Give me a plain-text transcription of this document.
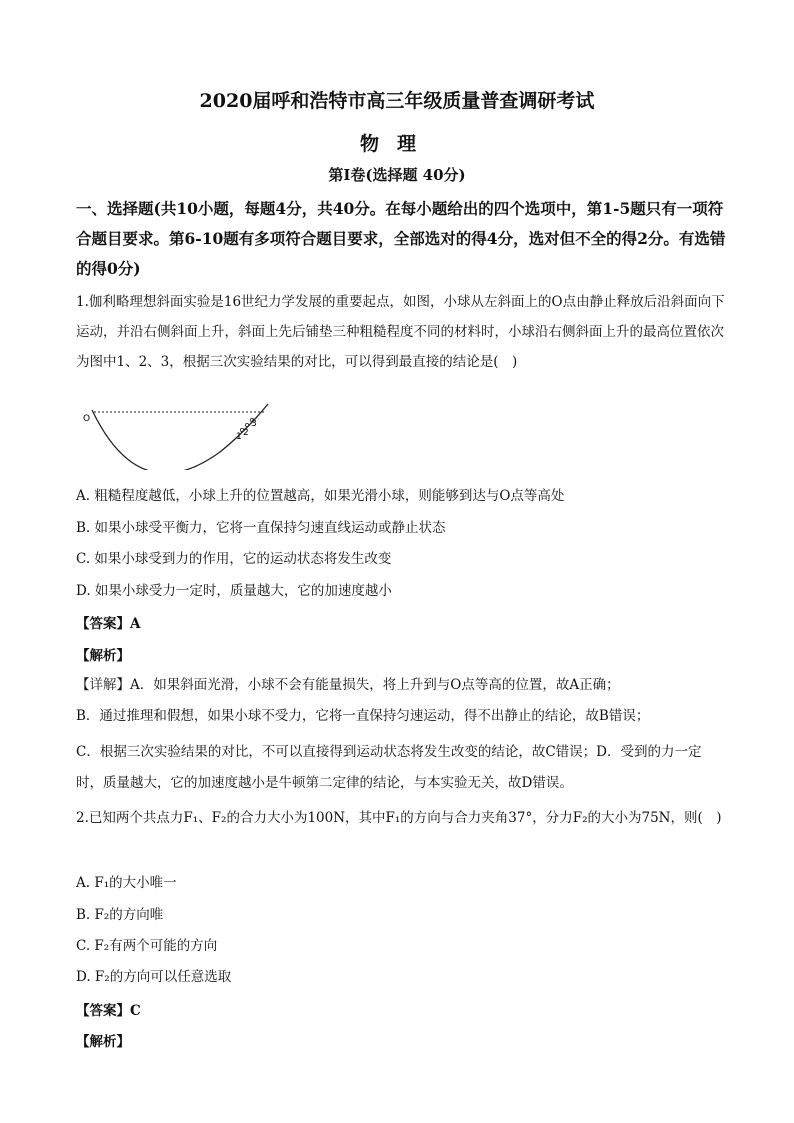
2020届呼和浩特市高三年级质量普查调研考试
物理
第I卷(选择题 40分)
一、选择题(共10小题，每题4分，共40分。在每小题给出的四个选项中，第1-5题只有一项符合题目要求。第6-10题有多项符合题目要求，全部选对的得4分，选对但不全的得2分。有选错的得0分)
1.伽利略理想斜面实验是16世纪力学发展的重要起点，如图，小球从左斜面上的O点由静止释放后沿斜面向下运动，并沿右侧斜面上升，斜面上先后铺垫三种粗糙程度不同的材料时，小球沿右侧斜面上升的最高位置依次为图中1、2、3，根据三次实验结果的对比，可以得到最直接的结论是(　)
O
1 2
3
A. 粗糙程度越低，小球上升的位置越高，如果光滑小球，则能够到达与O点等高处
B. 如果小球受平衡力，它将一直保持匀速直线运动或静止状态
C. 如果小球受到力的作用，它的运动状态将发生改变
D. 如果小球受力一定时，质量越大，它的加速度越小
【答案】A
【解析】
【详解】A．如果斜面光滑，小球不会有能量损失，将上升到与O点等高的位置，故A正确；
B．通过推理和假想，如果小球不受力，它将一直保持匀速运动，得不出静止的结论，故B错误；
C．根据三次实验结果的对比，不可以直接得到运动状态将发生改变的结论，故C错误；D．受到的力一定时，质量越大，它的加速度越小是牛顿第二定律的结论，与本实验无关，故D错误。
2.已知两个共点力F₁、F₂的合力大小为100N，其中F₁的方向与合力夹角37°，分力F₂的大小为75N，则(　)
A. F₁的大小唯一
B. F₂的方向唯
C. F₂有两个可能的方向
D. F₂的方向可以任意选取
【答案】C
【解析】
